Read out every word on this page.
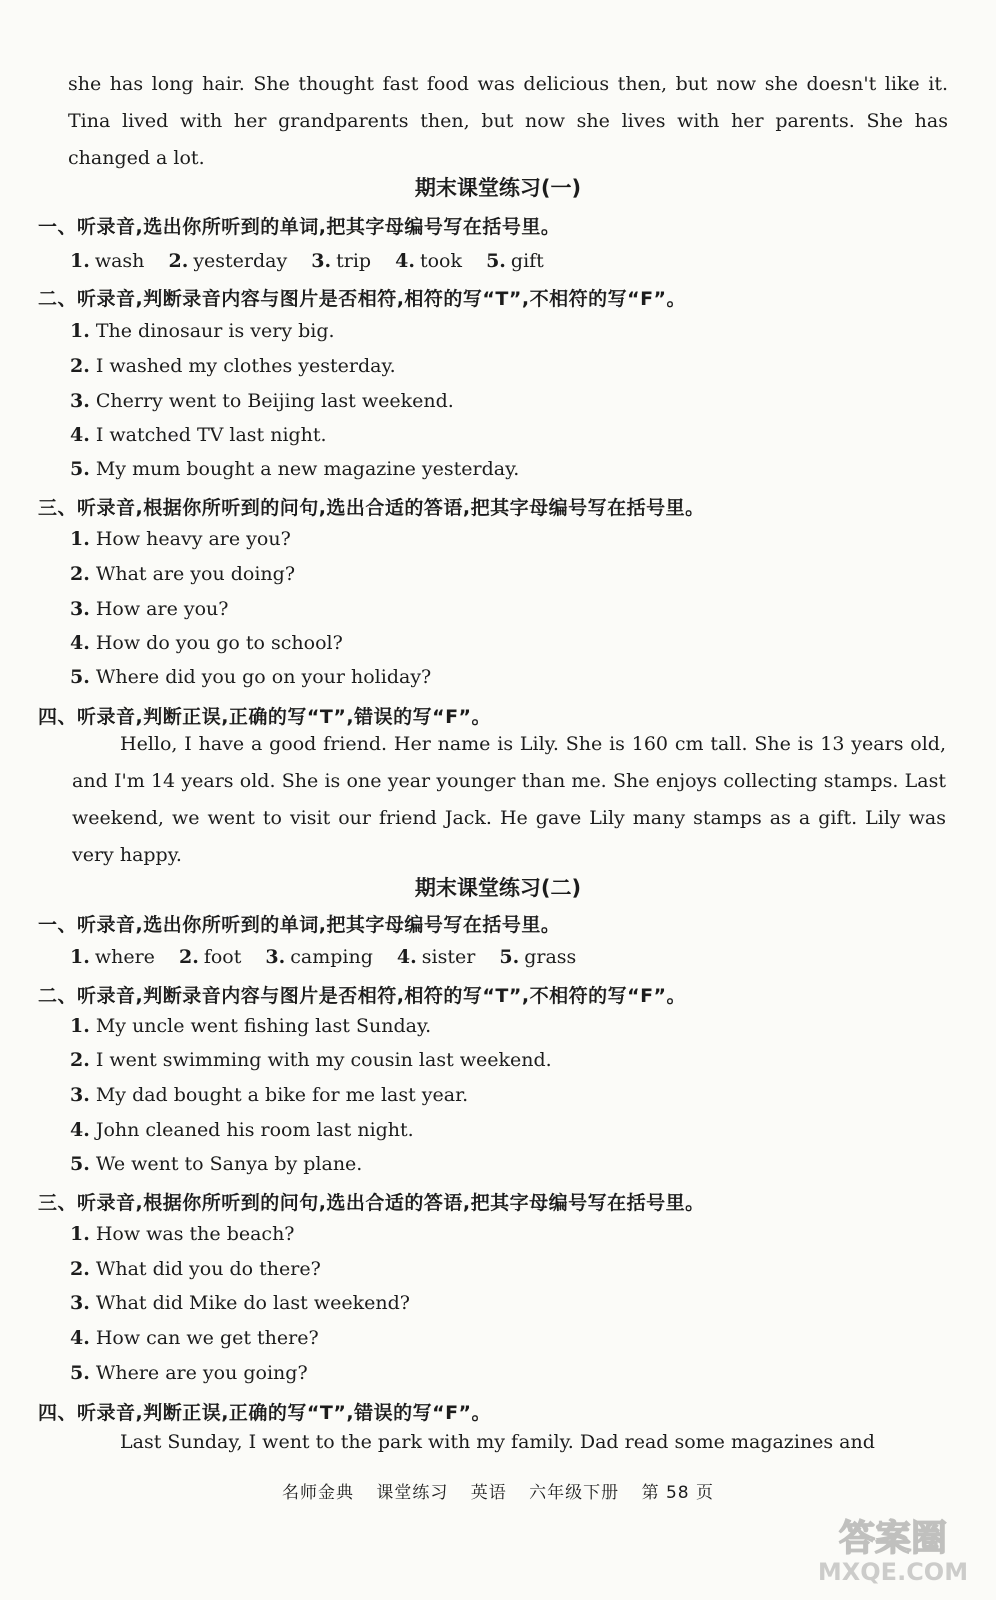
she has long hair. She thought fast food was delicious then, but now she doesn't like it. Tina lived with her grandparents then, but now she lives with her parents. She has changed a lot.
期末课堂练习(一)
一、听录音,选出你所听到的单词,把其字母编号写在括号里。
1. wash 2. yesterday 3. trip 4. took 5. gift
二、听录音,判断录音内容与图片是否相符,相符的写“T”,不相符的写“F”。
1. The dinosaur is very big.
2. I washed my clothes yesterday.
3. Cherry went to Beijing last weekend.
4. I watched TV last night.
5. My mum bought a new magazine yesterday.
三、听录音,根据你所听到的问句,选出合适的答语,把其字母编号写在括号里。
1. How heavy are you?
2. What are you doing?
3. How are you?
4. How do you go to school?
5. Where did you go on your holiday?
四、听录音,判断正误,正确的写“T”,错误的写“F”。
Hello, I have a good friend. Her name is Lily. She is 160 cm tall. She is 13 years old, and I'm 14 years old. She is one year younger than me. She enjoys collecting stamps. Last weekend, we went to visit our friend Jack. He gave Lily many stamps as a gift. Lily was very happy.
期末课堂练习(二)
一、听录音,选出你所听到的单词,把其字母编号写在括号里。
1. where 2. foot 3. camping 4. sister 5. grass
二、听录音,判断录音内容与图片是否相符,相符的写“T”,不相符的写“F”。
1. My uncle went fishing last Sunday.
2. I went swimming with my cousin last weekend.
3. My dad bought a bike for me last year.
4. John cleaned his room last night.
5. We went to Sanya by plane.
三、听录音,根据你所听到的问句,选出合适的答语,把其字母编号写在括号里。
1. How was the beach?
2. What did you do there?
3. What did Mike do last weekend?
4. How can we get there?
5. Where are you going?
四、听录音,判断正误,正确的写“T”,错误的写“F”。
Last Sunday, I went to the park with my family. Dad read some magazines and
名师金典 课堂练习 英语 六年级下册 第 58 页
答案圈
MXQE.COM
